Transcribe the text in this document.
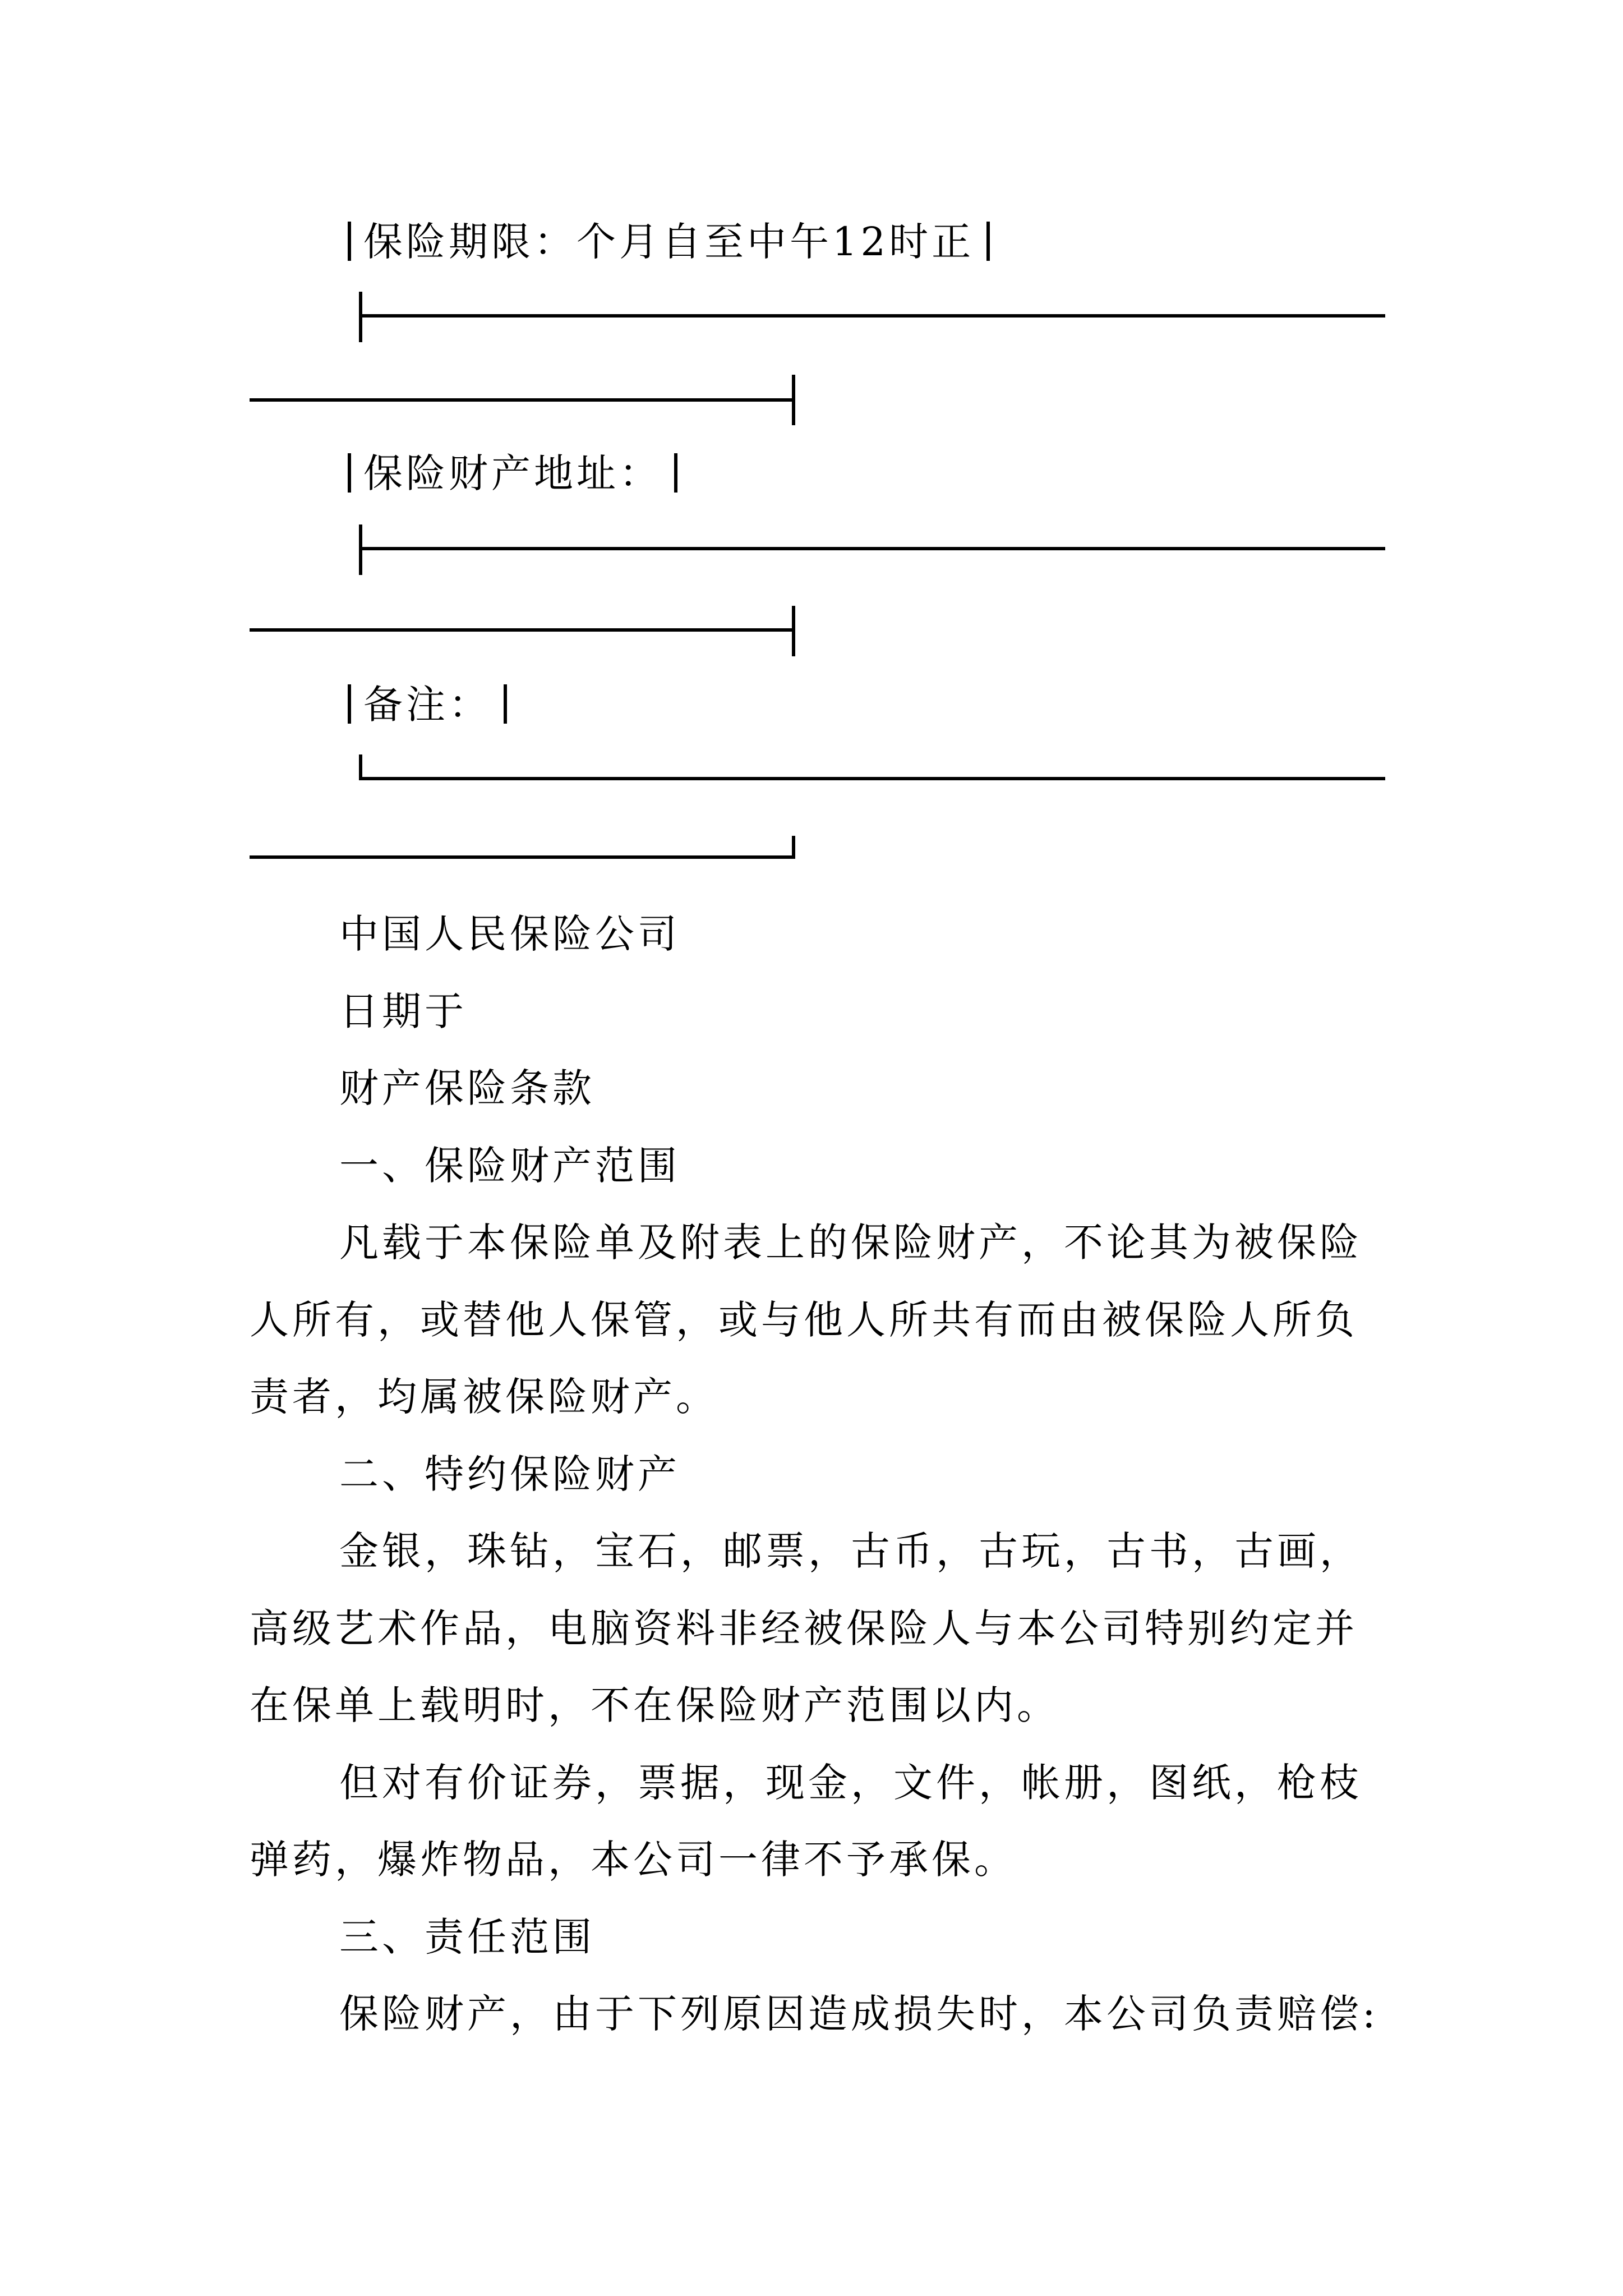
保险期限：个月自至中午12时正
保险财产地址：
备注：
中国人民保险公司
日期于
财产保险条款
一、保险财产范围
凡载于本保险单及附表上的保险财产，不论其为被保险
人所有，或替他人保管，或与他人所共有而由被保险人所负
责者，均属被保险财产。
二、特约保险财产
金银，珠钻，宝石，邮票，古币，古玩，古书，古画，
高级艺术作品，电脑资料非经被保险人与本公司特别约定并
在保单上载明时，不在保险财产范围以内。
但对有价证券，票据，现金，文件，帐册，图纸，枪枝
弹药，爆炸物品，本公司一律不予承保。
三、责任范围
保险财产，由于下列原因造成损失时，本公司负责赔偿:
